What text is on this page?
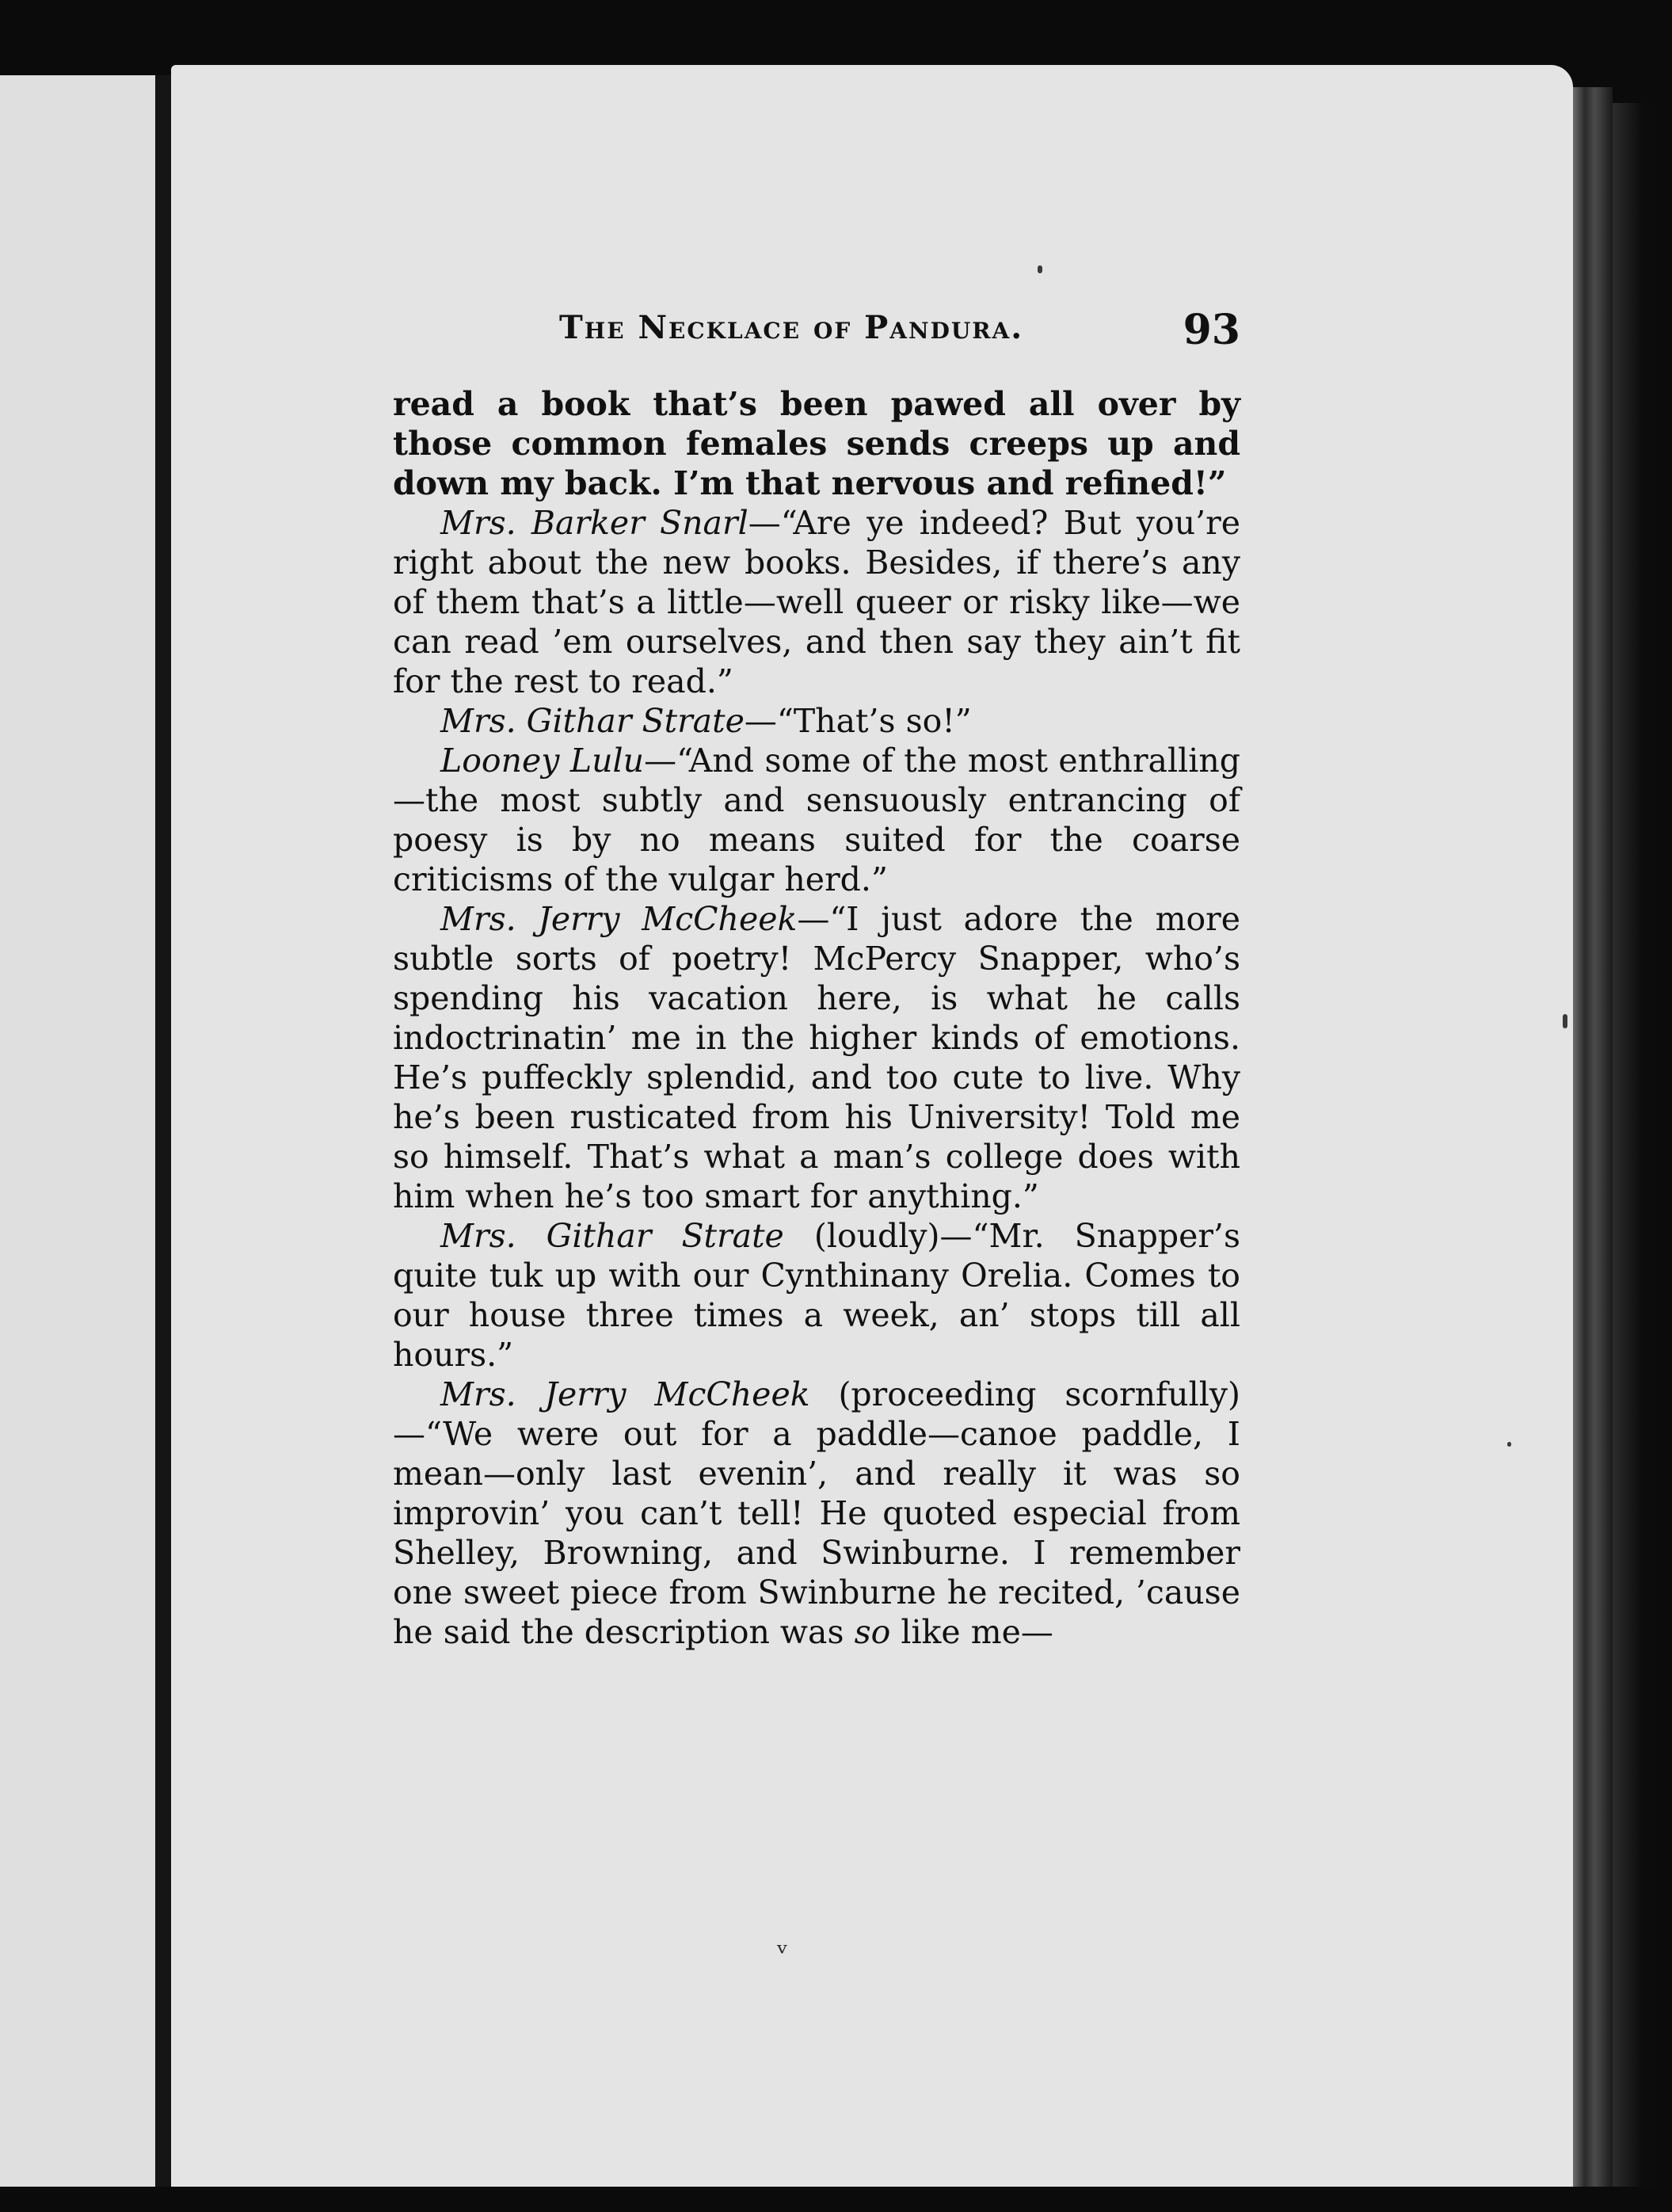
The Necklace of Pandura.	93

read a book that’s been pawed all over by those common females sends creeps up and down my back. I’m that nervous and refined!”

Mrs. Barker Snarl—“Are ye indeed? But you’re right about the new books. Besides, if there’s any of them that’s a little—well queer or risky like—we can read ’em ourselves, and then say they ain’t fit for the rest to read.”

Mrs. Githar Strate—“That’s so!”

Looney Lulu—“And some of the most enthralling—the most subtly and sensuously entrancing of poesy is by no means suited for the coarse criticisms of the vulgar herd.”

Mrs. Jerry McCheek—“I just adore the more subtle sorts of poetry! McPercy Snapper, who’s spending his vacation here, is what he calls indoctrinatin’ me in the higher kinds of emotions. He’s puffeckly splendid, and too cute to live. Why he’s been rusticated from his University! Told me so himself. That’s what a man’s college does with him when he’s too smart for anything.”

Mrs. Githar Strate (loudly)—“Mr. Snapper’s quite tuk up with our Cynthinany Orelia. Comes to our house three times a week, an’ stops till all hours.”

Mrs. Jerry McCheek (proceeding scornfully) —“We were out for a paddle—canoe paddle, I mean—only last evenin’, and really it was so improvin’ you can’t tell! He quoted especial from Shelley, Browning, and Swinburne. I remember one sweet piece from Swinburne he recited, ’cause he said the description was so like me—

ᵛ
